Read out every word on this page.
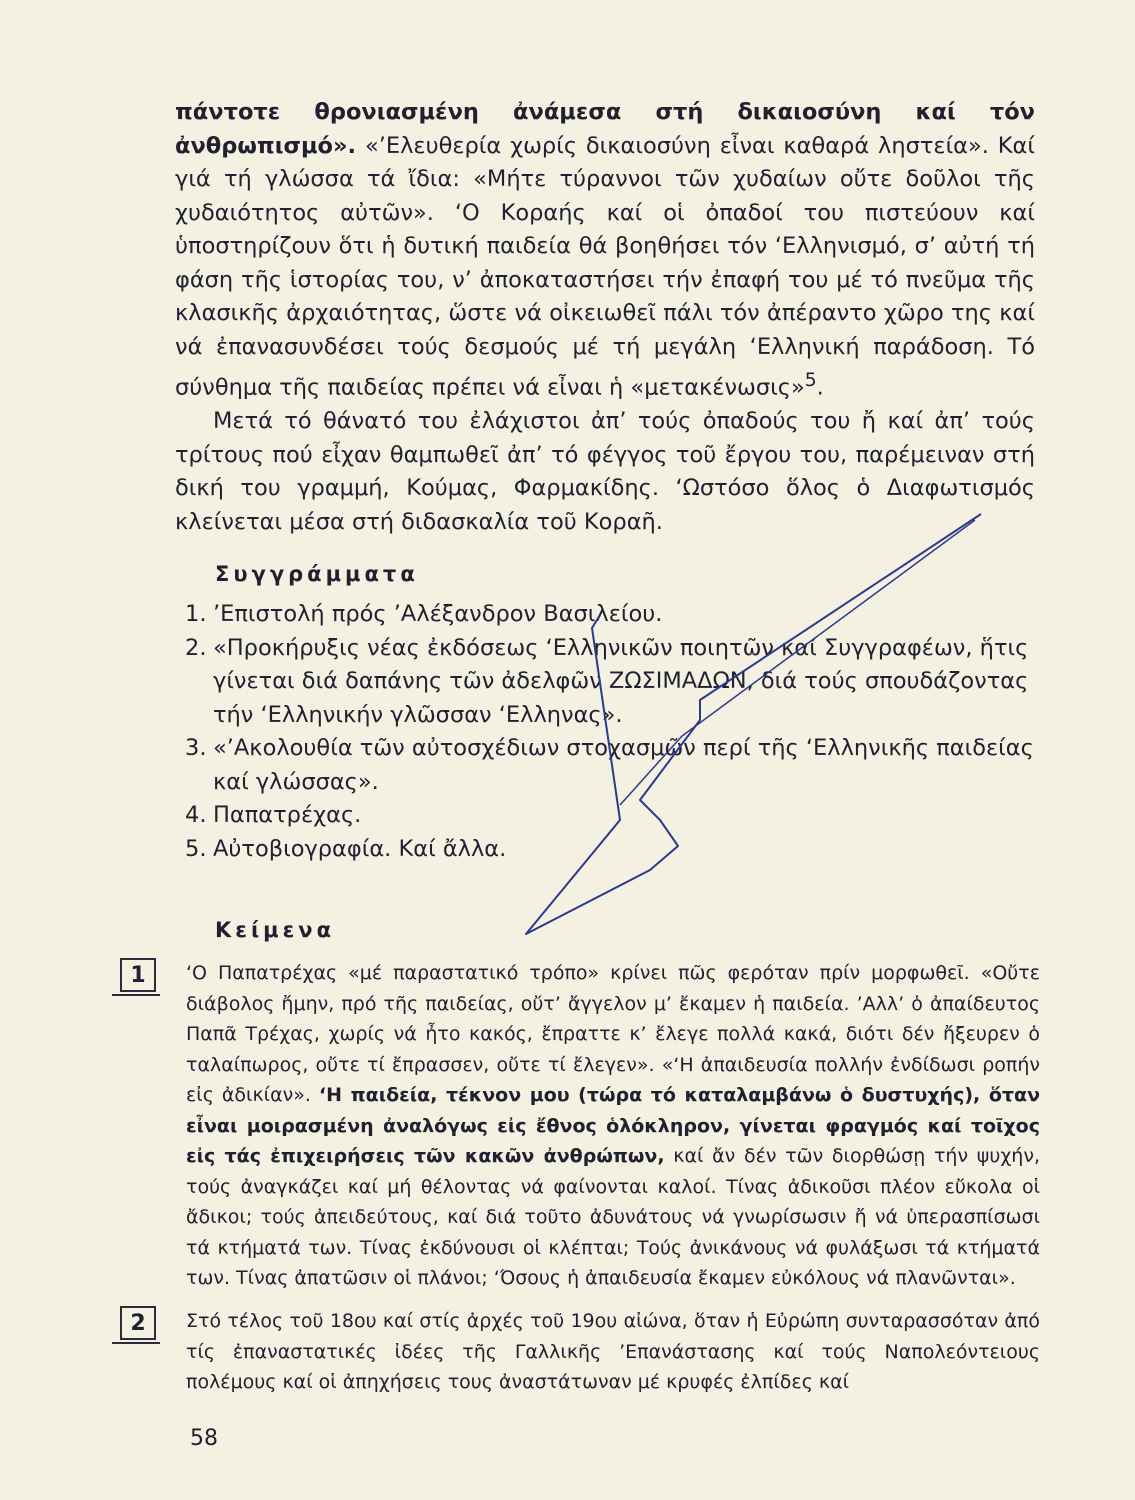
πάντοτε θρονιασμένη ἀνάμεσα στή δικαιοσύνη καί τόν ἀνθρωπισμό». «’Ελευθερία χωρίς δικαιοσύνη εἶναι καθαρά ληστεία». Καί γιά τή γλώσσα τά ἴδια: «Μήτε τύραννοι τῶν χυδαίων οὔτε δοῦλοι τῆς χυδαιότητος αὐτῶν». ‘Ο Κοραής καί οἱ ὀπαδοί του πιστεύουν καί ὑποστηρίζουν ὅτι ἡ δυτική παιδεία θά βοηθήσει τόν ‘Ελληνισμό, σ’ αὐτή τή φάση τῆς ἱστορίας του, ν’ ἀποκαταστήσει τήν ἐπαφή του μέ τό πνεῦμα τῆς κλασικῆς ἀρχαιότητας, ὥστε νά οἰκειωθεῖ πάλι τόν ἀπέραντο χῶρο της καί νά ἐπανασυνδέσει τούς δεσμούς μέ τή μεγάλη ‘Ελληνική παράδοση. Τό σύνθημα τῆς παιδείας πρέπει νά εἶναι ἡ «μετακένωσις»$^5$.

Μετά τό θάνατό του ἐλάχιστοι ἀπ’ τούς ὀπαδούς του ἤ καί ἀπ’ τούς τρίτους πού εἶχαν θαμπωθεῖ ἀπ’ τό φέγγος τοῦ ἔργου του, παρέμειναν στή δική του γραμμή, Κούμας, Φαρμακίδης. ‘Ωστόσο ὅλος ὁ Διαφωτισμός κλείνεται μέσα στή διδασκαλία τοῦ Κοραῆ.

Συγγράμματα
1. ’Επιστολή πρός ’Αλέξανδρον Βασιλείου.
2. «Προκήρυξις νέας ἐκδόσεως ‘Ελληνικῶν ποιητῶν καί Συγγραφέων, ἥτις γίνεται διά δαπάνης τῶν ἀδελφῶν ΖΩΣΙΜΑΔΩΝ, διά τούς σπουδάζοντας τήν ‘Ελληνικήν γλῶσσαν ‘Ελληνας».
3. «’Ακολουθία τῶν αὐτοσχέδιων στοχασμῶν περί τῆς ‘Ελληνικῆς παιδείας καί γλώσσας».
4. Παπατρέχας.
5. Αὐτοβιογραφία. Καί ἄλλα.
Κείμενα
1	‘Ο Παπατρέχας «μέ παραστατικό τρόπο» κρίνει πῶς φερόταν πρίν μορφωθεῖ. «Οὔτε διάβολος ἤμην, πρό τῆς παιδείας, οὔτ’ ἄγγελον μ’ ἔκαμεν ἡ παιδεία. ’Αλλ’ ὁ ἀπαίδευτος Παπᾶ Τρέχας, χωρίς νά ἦτο κακός, ἔπραττε κ’ ἔλεγε πολλά κακά, διότι δέν ἤξευρεν ὁ ταλαίπωρος, οὔτε τί ἔπρασσεν, οὔτε τί ἔλεγεν». «‘Η ἀπαιδευσία πολλήν ἐνδίδωσι ροπήν εἰς ἀδικίαν». ‘Η παιδεία, τέκνον μου (τώρα τό καταλαμβάνω ὁ δυστυχής), ὅταν εἶναι μοιρασμένη ἀναλόγως εἰς ἔθνος ὁλόκληρον, γίνεται φραγμός καί τοῖχος εἰς τάς ἐπιχειρήσεις τῶν κακῶν ἀνθρώπων, καί ἄν δέν τῶν διορθώσῃ τήν ψυχήν, τούς ἀναγκάζει καί μή θέλοντας νά φαίνονται καλοί. Τίνας ἀδικοῦσι πλέον εὔκολα οἱ ἄδικοι; τούς ἀπειδεύτους, καί διά τοῦτο ἀδυνάτους νά γνωρίσωσιν ἤ νά ὑπερασπίσωσι τά κτήματά των. Τίνας ἐκδύνουσι οἱ κλέπται; Τούς ἀνικάνους νά φυλάξωσι τά κτήματά των. Τίνας ἀπατῶσιν οἱ πλάνοι; ‘Όσους ἡ ἀπαιδευσία ἔκαμεν εὐκόλους νά πλανῶνται».

2	Στό τέλος τοῦ 18ου καί στίς ἀρχές τοῦ 19ου αἰώνα, ὅταν ἡ Εὐρώπη συνταρασσόταν ἀπό τίς ἐπαναστατικές ἰδέες τῆς Γαλλικῆς ’Επανάστασης καί τούς Ναπολεόντειους πολέμους καί οἱ ἀπηχήσεις τους ἀναστάτωναν μέ κρυφές ἐλπίδες καί

58
